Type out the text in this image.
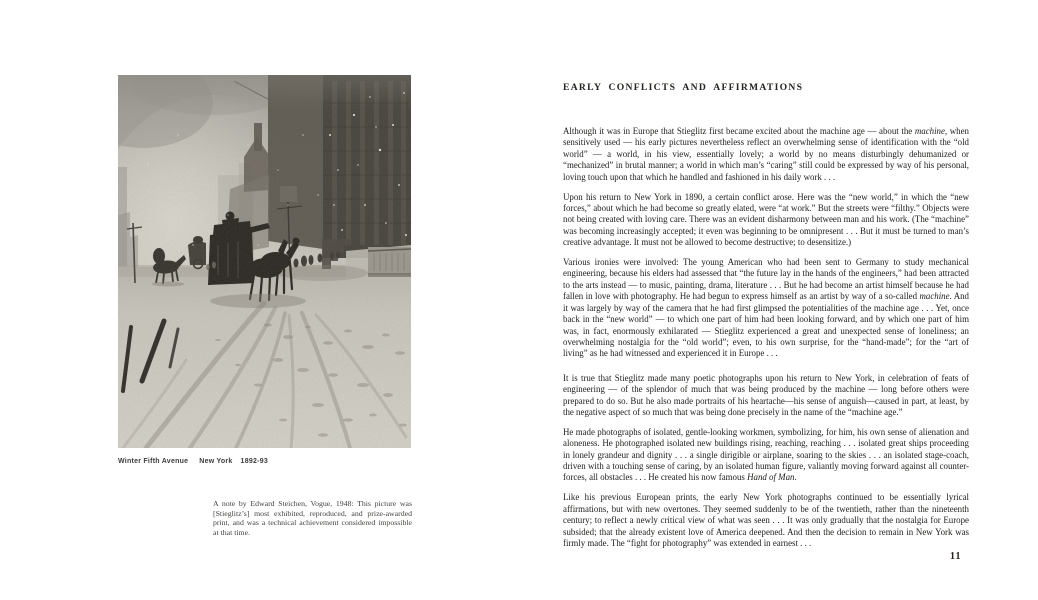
Winter Fifth Avenue New York 1892-93
A note by Edward Steichen, Vogue, 1948: This picture was [Stieglitz’s] most exhibited, reproduced, and prize-awarded print, and was a technical achievement considered impossible at that time.
EARLY CONFLICTS AND AFFIRMATIONS

Although it was in Europe that Stieglitz first became excited about the machine age — about the machine, when sensitively used — his early pictures nevertheless reflect an overwhelming sense of identification with the “old world” — a world, in his view, essentially lovely; a world by no means disturbingly dehumanized or “mechanized” in brutal manner; a world in which man’s “caring” still could be expressed by way of his personal, loving touch upon that which he handled and fashioned in his daily work . . .

Upon his return to New York in 1890, a certain conflict arose. Here was the “new world,” in which the “new forces,” about which he had become so greatly elated, were “at work.” But the streets were “filthy.” Objects were not being created with loving care. There was an evident disharmony between man and his work. (The “machine” was becoming increasingly accepted; it even was beginning to be omnipresent . . . But it must be turned to man’s creative advantage. It must not be allowed to become destructive; to desensitize.)

Various ironies were involved: The young American who had been sent to Germany to study mechanical engineering, because his elders had assessed that “the future lay in the hands of the engineers,” had been attracted to the arts instead — to music, painting, drama, literature . . . But he had become an artist himself because he had fallen in love with photography. He had begun to express himself as an artist by way of a so-called machine. And it was largely by way of the camera that he had first glimpsed the potentialities of the machine age . . . Yet, once back in the “new world” — to which one part of him had been looking forward, and by which one part of him was, in fact, enormously exhilarated — Stieglitz experienced a great and unexpected sense of loneliness; an overwhelming nostalgia for the “old world”; even, to his own surprise, for the “hand-made”; for the “art of living” as he had witnessed and experienced it in Europe . . .

It is true that Stieglitz made many poetic photographs upon his return to New York, in celebration of feats of engineering — of the splendor of much that was being produced by the machine — long before others were prepared to do so. But he also made portraits of his heartache—his sense of anguish—caused in part, at least, by the negative aspect of so much that was being done precisely in the name of the “machine age.”

He made photographs of isolated, gentle-looking workmen, symbolizing, for him, his own sense of alienation and aloneness. He photographed isolated new buildings rising, reaching, reaching . . . isolated great ships proceeding in lonely grandeur and dignity . . . a single dirigible or airplane, soaring to the skies . . . an isolated stage-coach, driven with a touching sense of caring, by an isolated human figure, valiantly moving forward against all counter-forces, all obstacles . . . He created his now famous Hand of Man.

Like his previous European prints, the early New York photographs continued to be essentially lyrical affirmations, but with new overtones. They seemed suddenly to be of the twentieth, rather than the nineteenth century; to reflect a newly critical view of what was seen . . . It was only gradually that the nostalgia for Europe subsided; that the already existent love of America deepened. And then the decision to remain in New York was firmly made. The “fight for photography” was extended in earnest . . .

11
